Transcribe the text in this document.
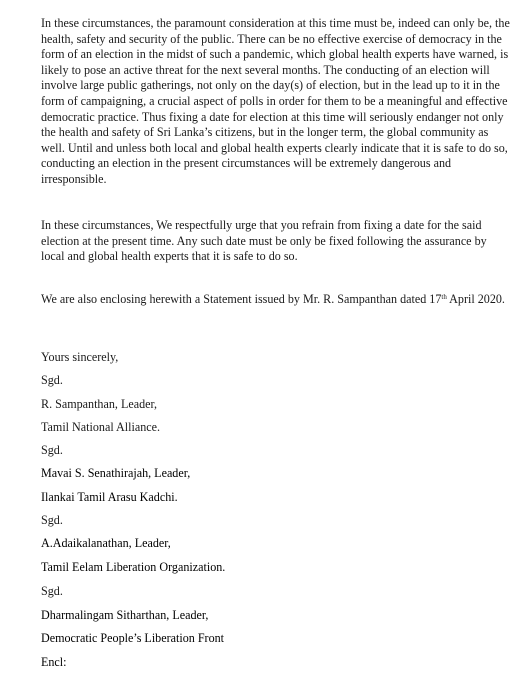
In these circumstances, the paramount consideration at this time must be, indeed can only be, the health, safety and security of the public. There can be no effective exercise of democracy in the form of an election in the midst of such a pandemic, which global health experts have warned, is likely to pose an active threat for the next several months. The conducting of an election will involve large public gatherings, not only on the day(s) of election, but in the lead up to it in the form of campaigning, a crucial aspect of polls in order for them to be a meaningful and effective democratic practice. Thus fixing a date for election at this time will seriously endanger not only the health and safety of Sri Lanka’s citizens, but in the longer term, the global community as well. Until and unless both local and global health experts clearly indicate that it is safe to do so, conducting an election in the present circumstances will be extremely dangerous and irresponsible.

In these circumstances, We respectfully urge that you refrain from fixing a date for the said election at the present time. Any such date must be only be fixed following the assurance by local and global health experts that it is safe to do so.

We are also enclosing herewith a Statement issued by Mr. R. Sampanthan dated 17th April 2020.

Yours sincerely,
Sgd.
R. Sampanthan, Leader,
Tamil National Alliance.
Sgd.
Mavai S. Senathirajah, Leader,
Ilankai Tamil Arasu Kadchi.
Sgd.
A.Adaikalanathan, Leader,
Tamil Eelam Liberation Organization.
Sgd.
Dharmalingam Sitharthan, Leader,
Democratic People’s Liberation Front
Encl:
